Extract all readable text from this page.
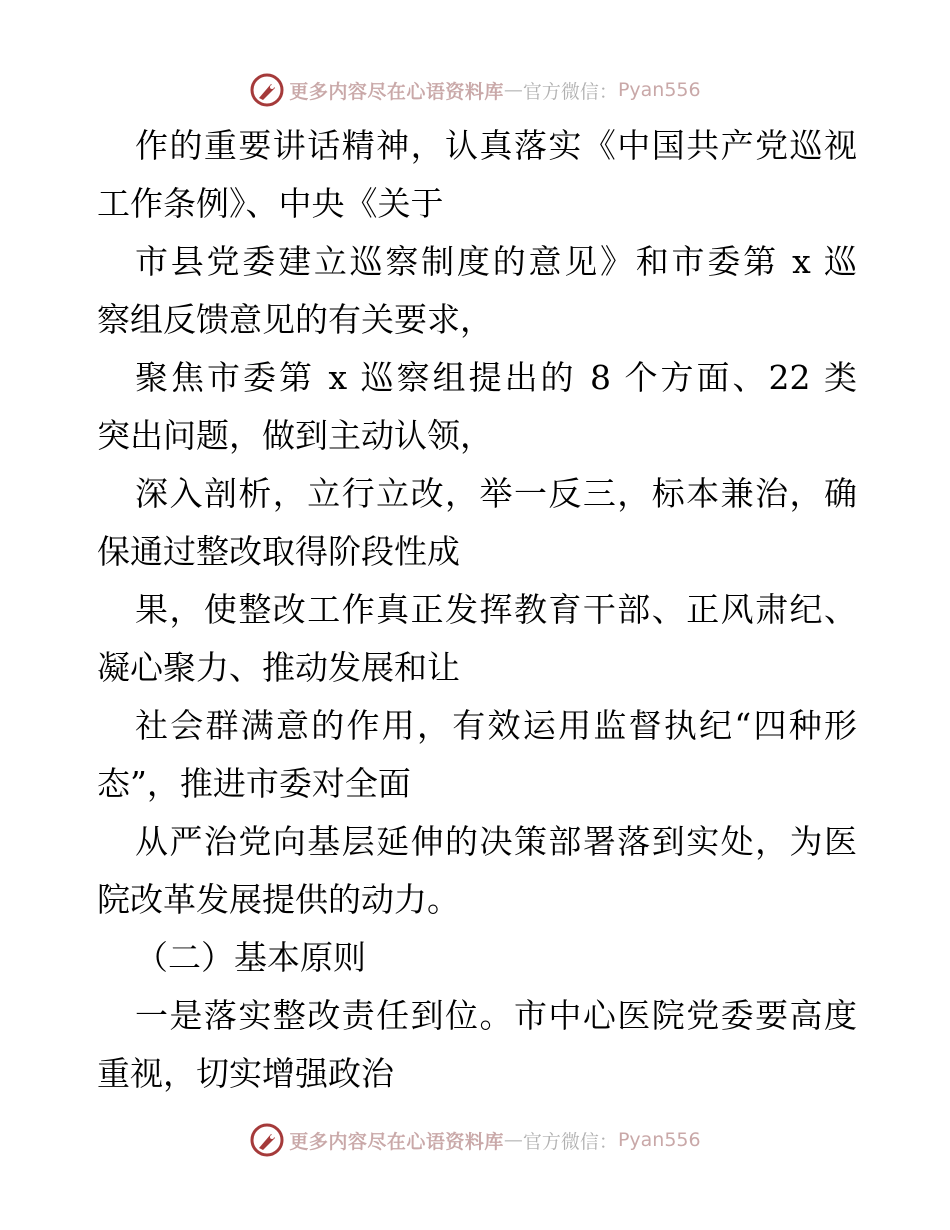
更多内容尽在心语资料库 — 官方微信： Pyan556
作的重要讲话精神，认真落实《中国共产党巡视
工作条例》、中央《关于
市县党委建立巡察制度的意见》和市委第 x 巡
察组反馈意见的有关要求，
聚焦市委第 x 巡察组提出的 8 个方面、22 类
突出问题，做到主动认领，
深入剖析，立行立改，举一反三，标本兼治，确
保通过整改取得阶段性成
果，使整改工作真正发挥教育干部、正风肃纪、
凝心聚力、推动发展和让
社会群满意的作用，有效运用监督执纪“四种形
态”，推进市委对全面
从严治党向基层延伸的决策部署落到实处，为医
院改革发展提供的动力。
（二）基本原则
一是落实整改责任到位。市中心医院党委要高度
重视，切实增强政治
更多内容尽在心语资料库 — 官方微信： Pyan556
